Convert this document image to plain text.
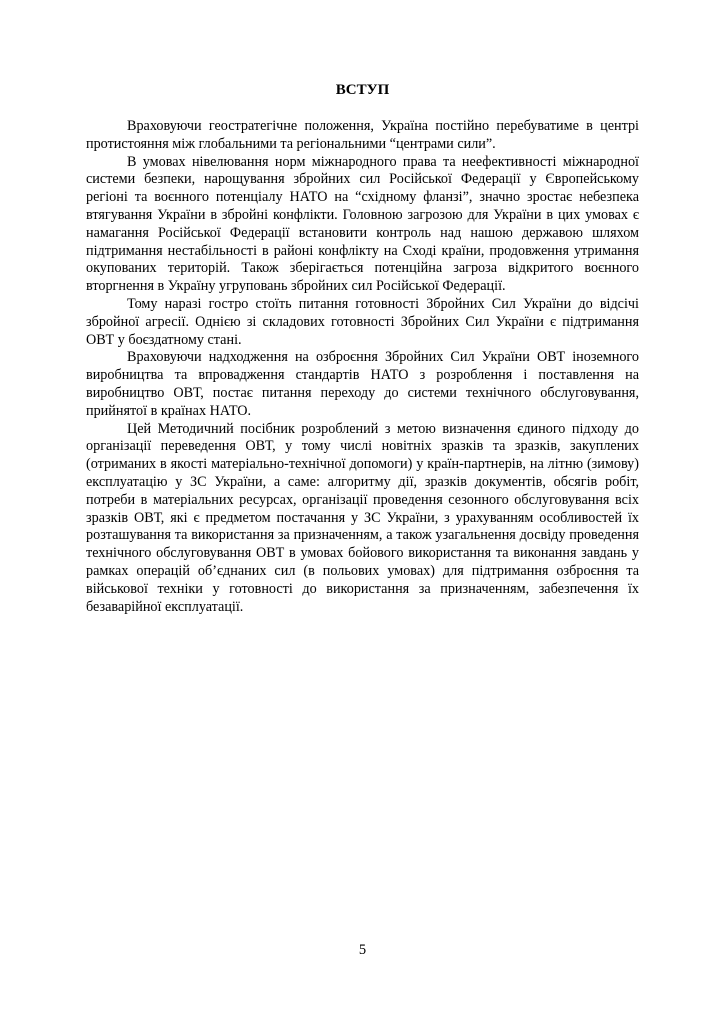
ВСТУП

Враховуючи геостратегічне положення, Україна постійно перебуватиме в центрі протистояння між глобальними та регіональними “центрами сили”.

В умовах нівелювання норм міжнародного права та неефективності міжнародної системи безпеки, нарощування збройних сил Російської Федерації у Європейському регіоні та воєнного потенціалу НАТО на “східному фланзі”, значно зростає небезпека втягування України в збройні конфлікти. Головною загрозою для України в цих умовах є намагання Російської Федерації встановити контроль над нашою державою шляхом підтримання нестабільності в районі конфлікту на Сході країни, продовження утримання окупованих територій. Також зберігається потенційна загроза відкритого воєнного вторгнення в Україну угруповань збройних сил Російської Федерації.

Тому наразі гостро стоїть питання готовності Збройних Сил України до відсічі збройної агресії. Однією зі складових готовності Збройних Сил України є підтримання ОВТ у боєздатному стані.

Враховуючи надходження на озброєння Збройних Сил України ОВТ іноземного виробництва та впровадження стандартів НАТО з розроблення і поставлення на виробництво ОВТ, постає питання переходу до системи технічного обслуговування, прийнятої в країнах НАТО.

Цей Методичний посібник розроблений з метою визначення єдиного підходу до організації переведення ОВТ, у тому числі новітніх зразків та зразків, закуплених (отриманих в якості матеріально-технічної допомоги) у країн-партнерів, на літню (зимову) експлуатацію у ЗС України, а саме: алгоритму дії, зразків документів, обсягів робіт, потреби в матеріальних ресурсах, організації проведення сезонного обслуговування всіх зразків ОВТ, які є предметом постачання у ЗС України, з урахуванням особливостей їх розташування та використання за призначенням, а також узагальнення досвіду проведення технічного обслуговування ОВТ в умовах бойового використання та виконання завдань у рамках операцій об’єднаних сил (в польових умовах) для підтримання озброєння та військової техніки у готовності до використання за призначенням, забезпечення їх безаварійної експлуатації.

5
